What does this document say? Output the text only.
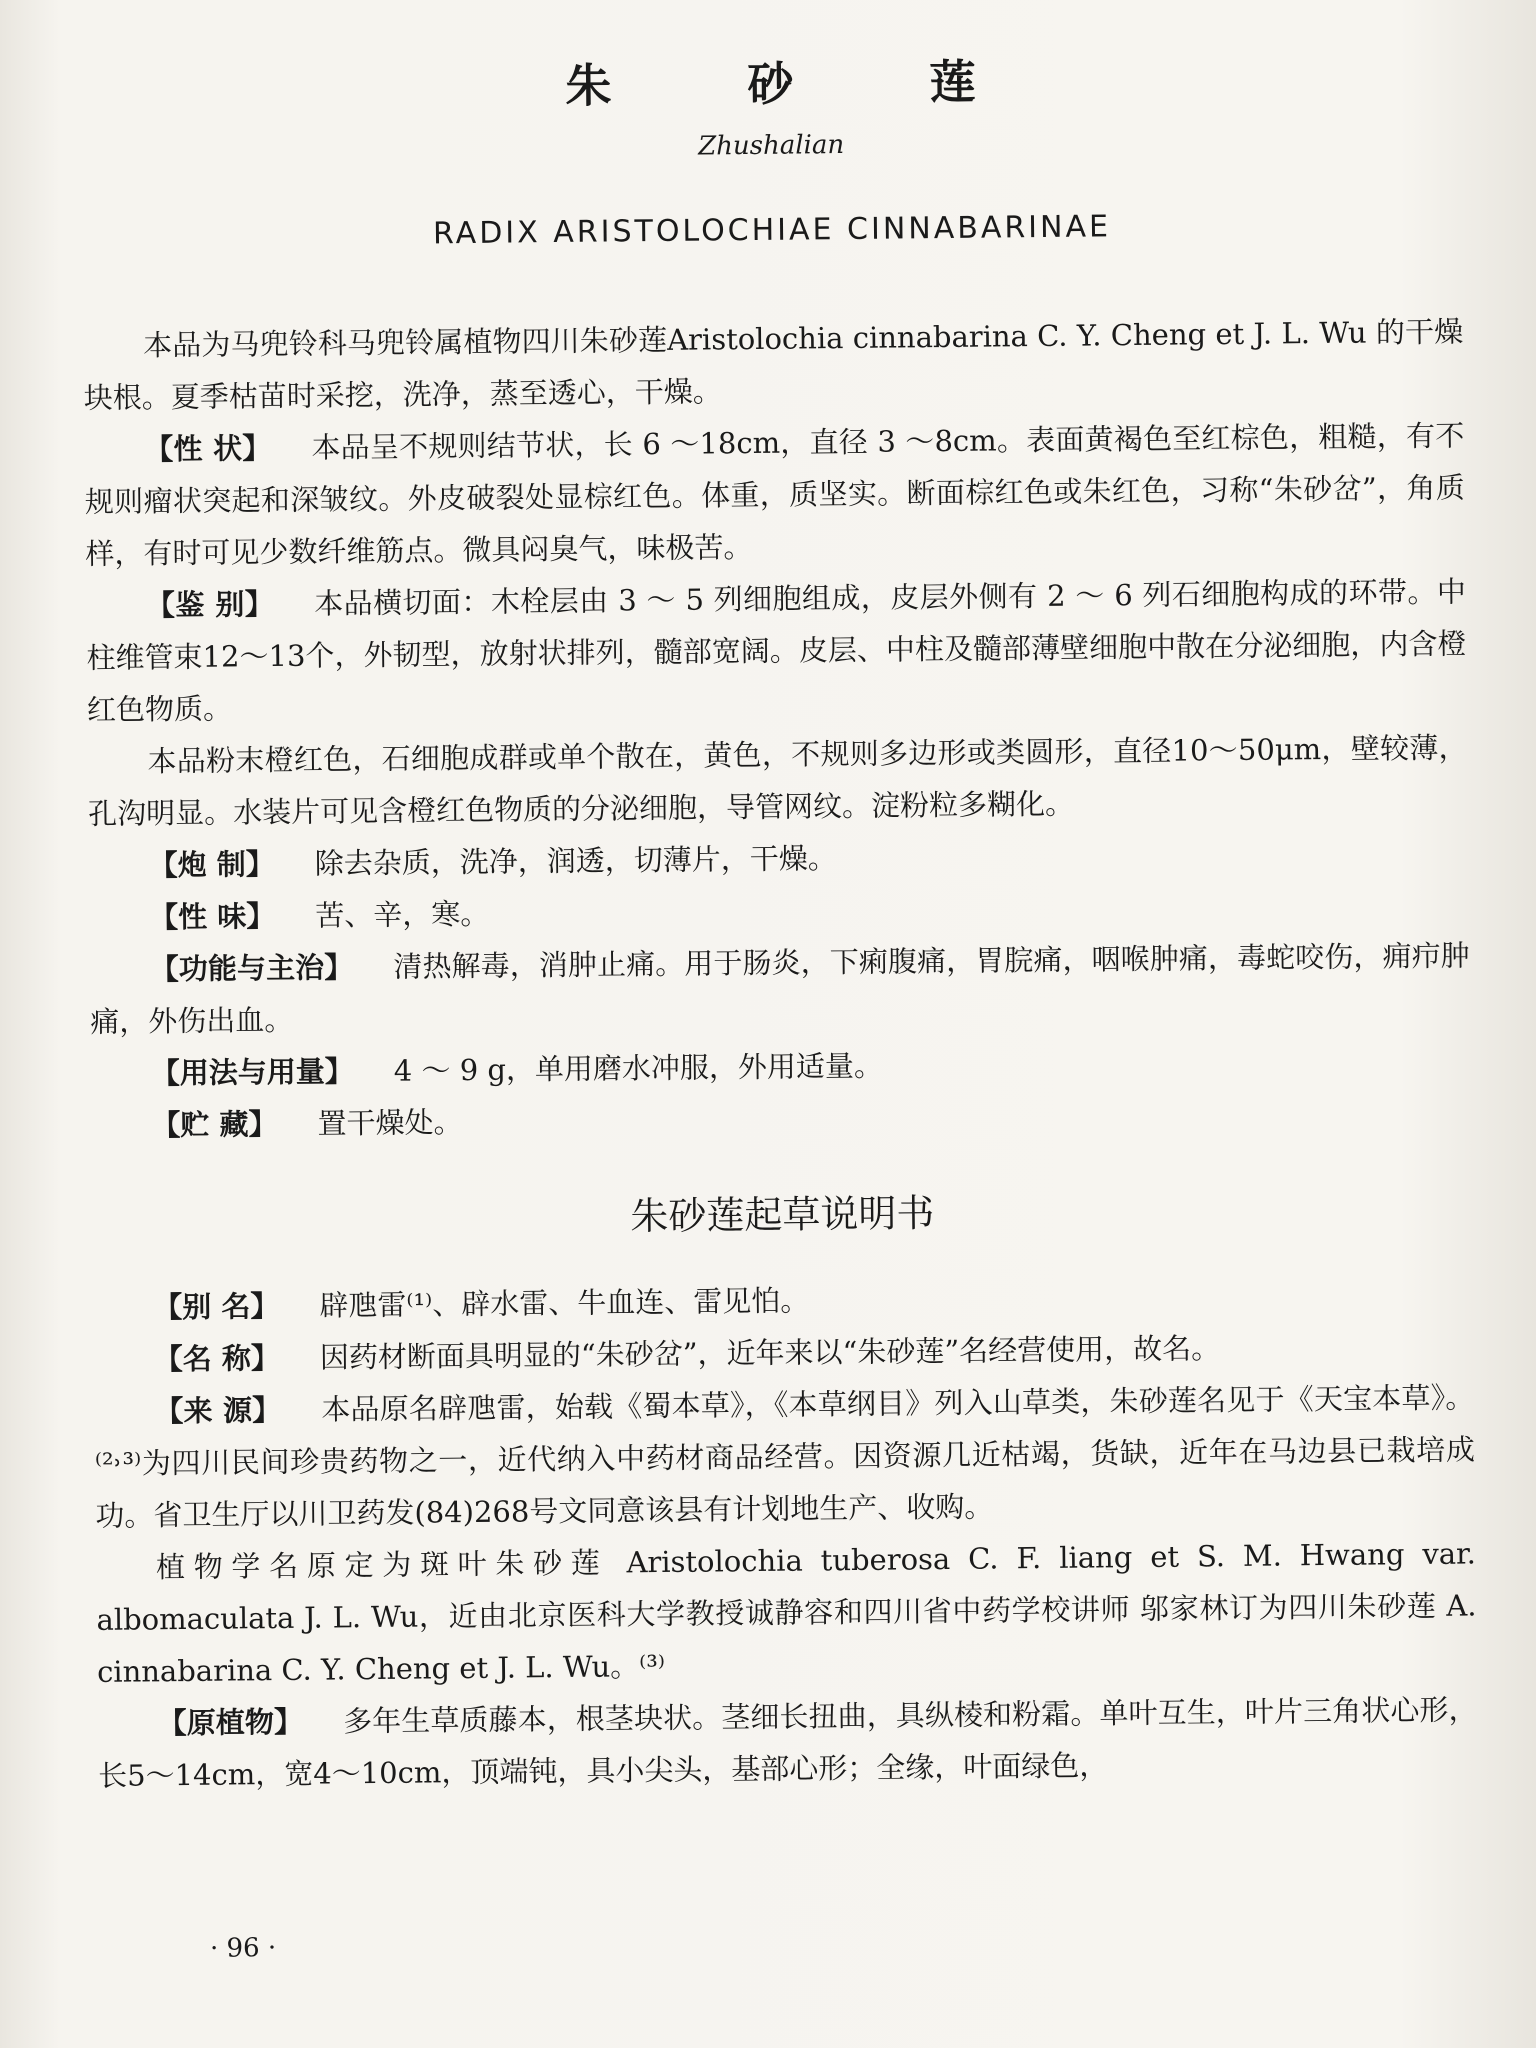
朱 砂 莲
Zhushalian
RADIX ARISTOLOCHIAE CINNABARINAE

本品为马兜铃科马兜铃属植物四川朱砂莲Aristolochia cinnabarina C. Y. Cheng et J. L. Wu 的干燥块根。夏季枯苗时采挖，洗净，蒸至透心，干燥。

【性 状】 本品呈不规则结节状，长 6 ～18cm，直径 3 ～8cm。表面黄褐色至红棕色，粗糙，有不规则瘤状突起和深皱纹。外皮破裂处显棕红色。体重，质坚实。断面棕红色或朱红色，习称“朱砂岔”，角质样，有时可见少数纤维筋点。微具闷臭气，味极苦。

【鉴 别】 本品横切面：木栓层由 3 ～ 5 列细胞组成，皮层外侧有 2 ～ 6 列石细胞构成的环带。中柱维管束12～13个，外韧型，放射状排列，髓部宽阔。皮层、中柱及髓部薄壁细胞中散在分泌细胞，内含橙红色物质。

本品粉末橙红色，石细胞成群或单个散在，黄色，不规则多边形或类圆形，直径10～50μm，壁较薄，孔沟明显。水装片可见含橙红色物质的分泌细胞，导管网纹。淀粉粒多糊化。

【炮 制】 除去杂质，洗净，润透，切薄片，干燥。

【性 味】 苦、辛，寒。

【功能与主治】 清热解毒，消肿止痛。用于肠炎，下痢腹痛，胃脘痛，咽喉肿痛，毒蛇咬伤，痈疖肿痛，外伤出血。

【用法与用量】 4 ～ 9 g，单用磨水冲服，外用适量。

【贮 藏】 置干燥处。

朱砂莲起草说明书

【别 名】 辟虺雷⁽¹⁾、辟水雷、牛血连、雷见怕。

【名 称】 因药材断面具明显的“朱砂岔”，近年来以“朱砂莲”名经营使用，故名。

【来 源】 本品原名辟虺雷，始载《蜀本草》，《本草纲目》列入山草类，朱砂莲名见于《天宝本草》。⁽²˒³⁾为四川民间珍贵药物之一，近代纳入中药材商品经营。因资源几近枯竭，货缺，近年在马边县已栽培成功。省卫生厅以川卫药发(84)268号文同意该县有计划地生产、收购。

植物学名原定为斑叶朱砂莲 Aristolochia tuberosa C. F. liang et S. M. Hwang var. albomaculata J. L. Wu，近由北京医科大学教授诚静容和四川省中药学校讲师 邬家林订为四川朱砂莲 A. cinnabarina C. Y. Cheng et J. L. Wu。⁽³⁾

【原植物】 多年生草质藤本，根茎块状。茎细长扭曲，具纵棱和粉霜。单叶互生，叶片三角状心形，长5～14cm，宽4～10cm，顶端钝，具小尖头，基部心形；全缘，叶面绿色，

· 96 ·
